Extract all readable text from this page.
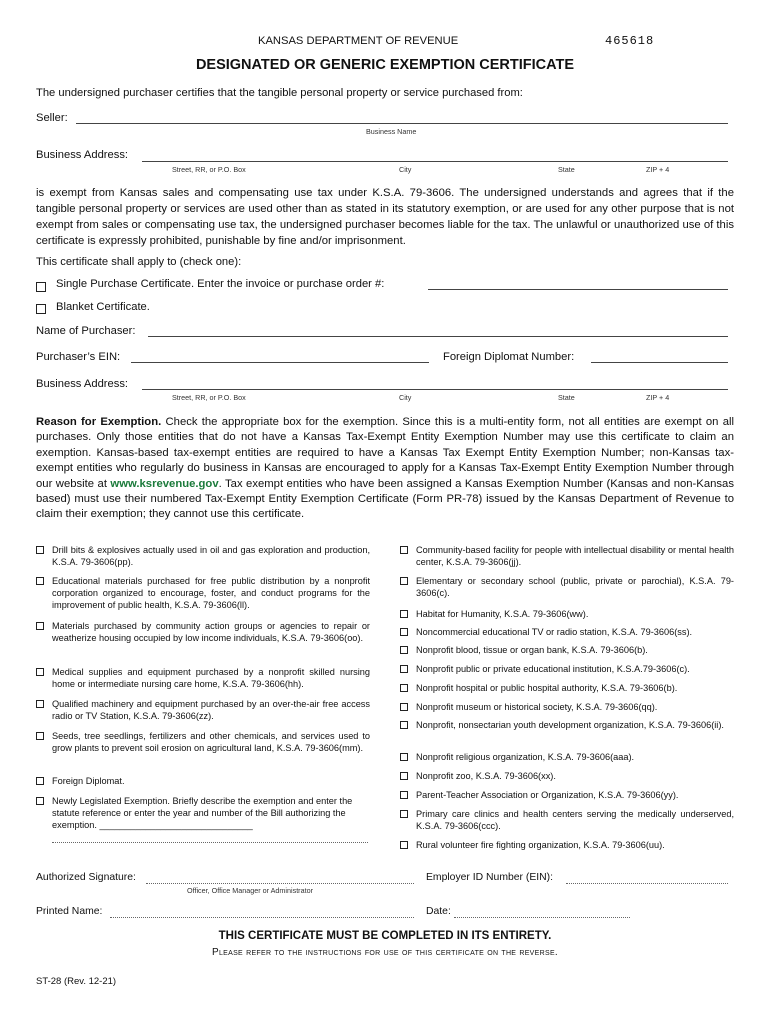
KANSAS DEPARTMENT OF REVENUE	465618
DESIGNATED OR GENERIC EXEMPTION CERTIFICATE
The undersigned purchaser certifies that the tangible personal property or service purchased from:
Seller:
Business Name
Business Address:
Street, RR, or P.O. Box	City	State	ZIP + 4
is exempt from Kansas sales and compensating use tax under K.S.A. 79-3606. The undersigned understands and agrees that if the tangible personal property or services are used other than as stated in its statutory exemption, or are used for any other purpose that is not exempt from sales or compensating use tax, the undersigned purchaser becomes liable for the tax. The unlawful or unauthorized use of this certificate is expressly prohibited, punishable by fine and/or imprisonment.
This certificate shall apply to (check one):
Single Purchase Certificate. Enter the invoice or purchase order #:
Blanket Certificate.
Name of Purchaser:
Purchaser’s EIN:	Foreign Diplomat Number:
Business Address:
Street, RR, or P.O. Box	City	State	ZIP + 4
Reason for Exemption. Check the appropriate box for the exemption. Since this is a multi-entity form, not all entities are exempt on all purchases. Only those entities that do not have a Kansas Tax-Exempt Entity Exemption Number may use this certificate to claim an exemption. Kansas-based tax-exempt entities are required to have a Kansas Tax Exempt Entity Exemption Number; non-Kansas tax-exempt entities who regularly do business in Kansas are encouraged to apply for a Kansas Tax-Exempt Entity Exemption Number through our website at www.ksrevenue.gov. Tax exempt entities who have been assigned a Kansas Exemption Number (Kansas and non-Kansas based) must use their numbered Tax-Exempt Entity Exemption Certificate (Form PR-78) issued by the Kansas Department of Revenue to claim their exemption; they cannot use this certificate.
Drill bits & explosives actually used in oil and gas exploration and production, K.S.A. 79-3606(pp).
Educational materials purchased for free public distribution by a nonprofit corporation organized to encourage, foster, and conduct programs for the improvement of public health, K.S.A. 79-3606(ll).
Materials purchased by community action groups or agencies to repair or weatherize housing occupied by low income individuals, K.S.A. 79-3606(oo).
Medical supplies and equipment purchased by a nonprofit skilled nursing home or intermediate nursing care home, K.S.A. 79-3606(hh).
Qualified machinery and equipment purchased by an over-the-air free access radio or TV Station, K.S.A. 79-3606(zz).
Seeds, tree seedlings, fertilizers and other chemicals, and services used to grow plants to prevent soil erosion on agricultural land, K.S.A. 79-3606(mm).
Foreign Diplomat.
Newly Legislated Exemption. Briefly describe the exemption and enter the statute reference or enter the year and number of the Bill authorizing the exemption. ______________________________
Community-based facility for people with intellectual disability or mental health center, K.S.A. 79-3606(jj).
Elementary or secondary school (public, private or parochial), K.S.A. 79-3606(c).
Habitat for Humanity, K.S.A. 79-3606(ww).
Noncommercial educational TV or radio station, K.S.A. 79-3606(ss).
Nonprofit blood, tissue or organ bank, K.S.A. 79-3606(b).
Nonprofit public or private educational institution, K.S.A.79-3606(c).
Nonprofit hospital or public hospital authority, K.S.A. 79-3606(b).
Nonprofit museum or historical society, K.S.A. 79-3606(qq).
Nonprofit, nonsectarian youth development organization, K.S.A. 79-3606(ii).
Nonprofit religious organization, K.S.A. 79-3606(aaa).
Nonprofit zoo, K.S.A. 79-3606(xx).
Parent-Teacher Association or Organization, K.S.A. 79-3606(yy).
Primary care clinics and health centers serving the medically underserved, K.S.A. 79-3606(ccc).
Rural volunteer fire fighting organization, K.S.A. 79-3606(uu).
Authorized Signature:
Officer, Office Manager or Administrator
Employer ID Number (EIN):
Printed Name:	Date:
THIS CERTIFICATE MUST BE COMPLETED IN ITS ENTIRETY.
Please refer to the instructions for use of this certificate on the reverse.
ST-28 (Rev. 12-21)
